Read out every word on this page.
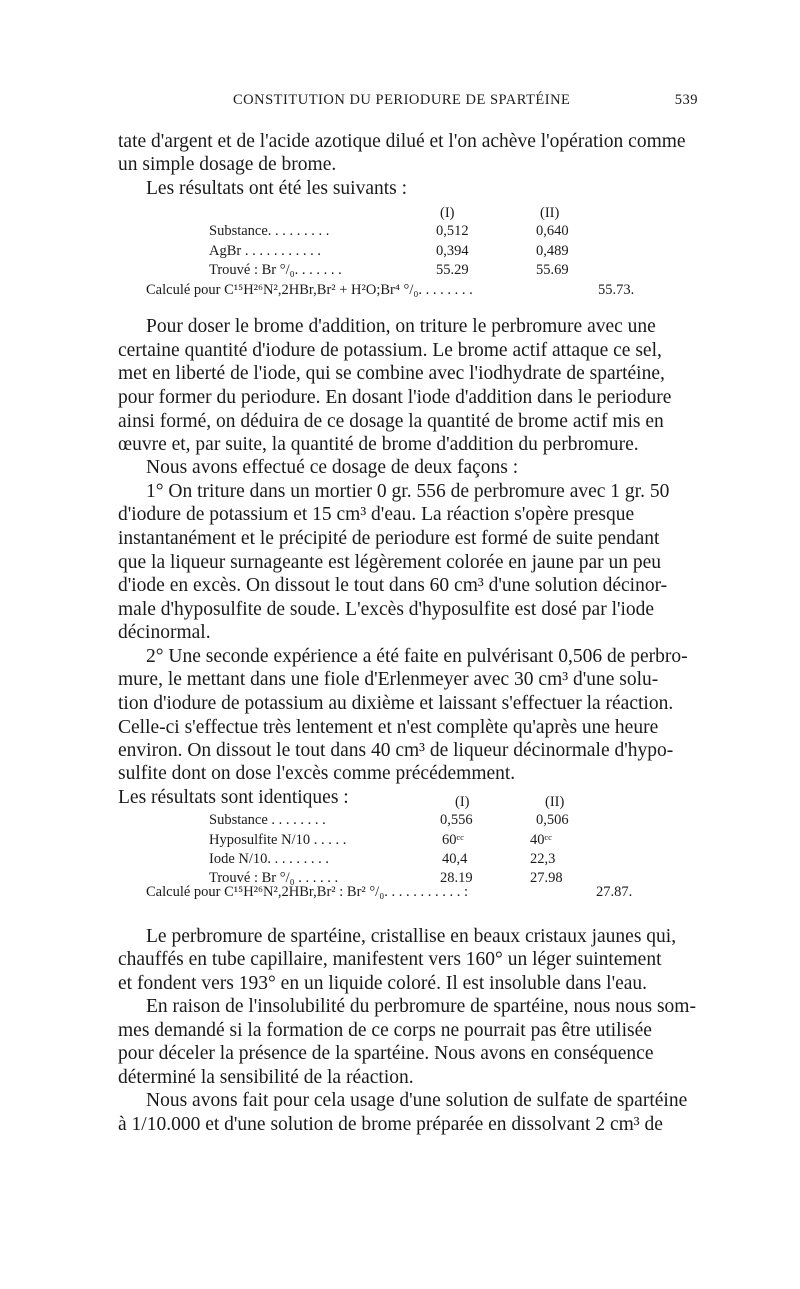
CONSTITUTION DU PERIODURE DE SPARTÉINE	539
tate d'argent et de l'acide azotique dilué et l'on achève l'opération comme
un simple dosage de brome.
Les résultats ont été les suivants :
(I)	(II)
Substance. . . . . . . . .	0,512	0,640
AgBr . . . . . . . . . . .	0,394	0,489
Trouvé : Br °/₀. . . . . . .	55.29	55.69
Calculé pour C¹⁵H²⁶N²,2HBr,Br² + H²O;Br⁴ °/₀. . . . . . . .	55.73.
Pour doser le brome d'addition, on triture le perbromure avec une
certaine quantité d'iodure de potassium. Le brome actif attaque ce sel,
met en liberté de l'iode, qui se combine avec l'iodhydrate de spartéine,
pour former du periodure. En dosant l'iode d'addition dans le periodure
ainsi formé, on déduira de ce dosage la quantité de brome actif mis en
œuvre et, par suite, la quantité de brome d'addition du perbromure.
Nous avons effectué ce dosage de deux façons :
1° On triture dans un mortier 0 gr. 556 de perbromure avec 1 gr. 50
d'iodure de potassium et 15 cm³ d'eau. La réaction s'opère presque
instantanément et le précipité de periodure est formé de suite pendant
que la liqueur surnageante est légèrement colorée en jaune par un peu
d'iode en excès. On dissout le tout dans 60 cm³ d'une solution décinor-
male d'hyposulfite de soude. L'excès d'hyposulfite est dosé par l'iode
décinormal.
2° Une seconde expérience a été faite en pulvérisant 0,506 de perbro-
mure, le mettant dans une fiole d'Erlenmeyer avec 30 cm³ d'une solu-
tion d'iodure de potassium au dixième et laissant s'effectuer la réaction.
Celle-ci s'effectue très lentement et n'est complète qu'après une heure
environ. On dissout le tout dans 40 cm³ de liqueur décinormale d'hypo-
sulfite dont on dose l'excès comme précédemment.
Les résultats sont identiques :	(I)	(II)
Substance . . . . . . . .	0,556	0,506
Hyposulfite N/10 . . . . .	60ᶜᶜ	40ᶜᶜ
Iode N/10. . . . . . . . .	40,4	22,3
Trouvé : Br °/₀ . . . . . .	28.19	27.98
Calculé pour C¹⁵H²⁶N²,2HBr,Br² : Br² °/₀. . . . . . . . . . . :	27.87.
Le perbromure de spartéine, cristallise en beaux cristaux jaunes qui,
chauffés en tube capillaire, manifestent vers 160° un léger suintement
et fondent vers 193° en un liquide coloré. Il est insoluble dans l'eau.
En raison de l'insolubilité du perbromure de spartéine, nous nous som-
mes demandé si la formation de ce corps ne pourrait pas être utilisée
pour déceler la présence de la spartéine. Nous avons en conséquence
déterminé la sensibilité de la réaction.
Nous avons fait pour cela usage d'une solution de sulfate de spartéine
à 1/10.000 et d'une solution de brome préparée en dissolvant 2 cm³ de
